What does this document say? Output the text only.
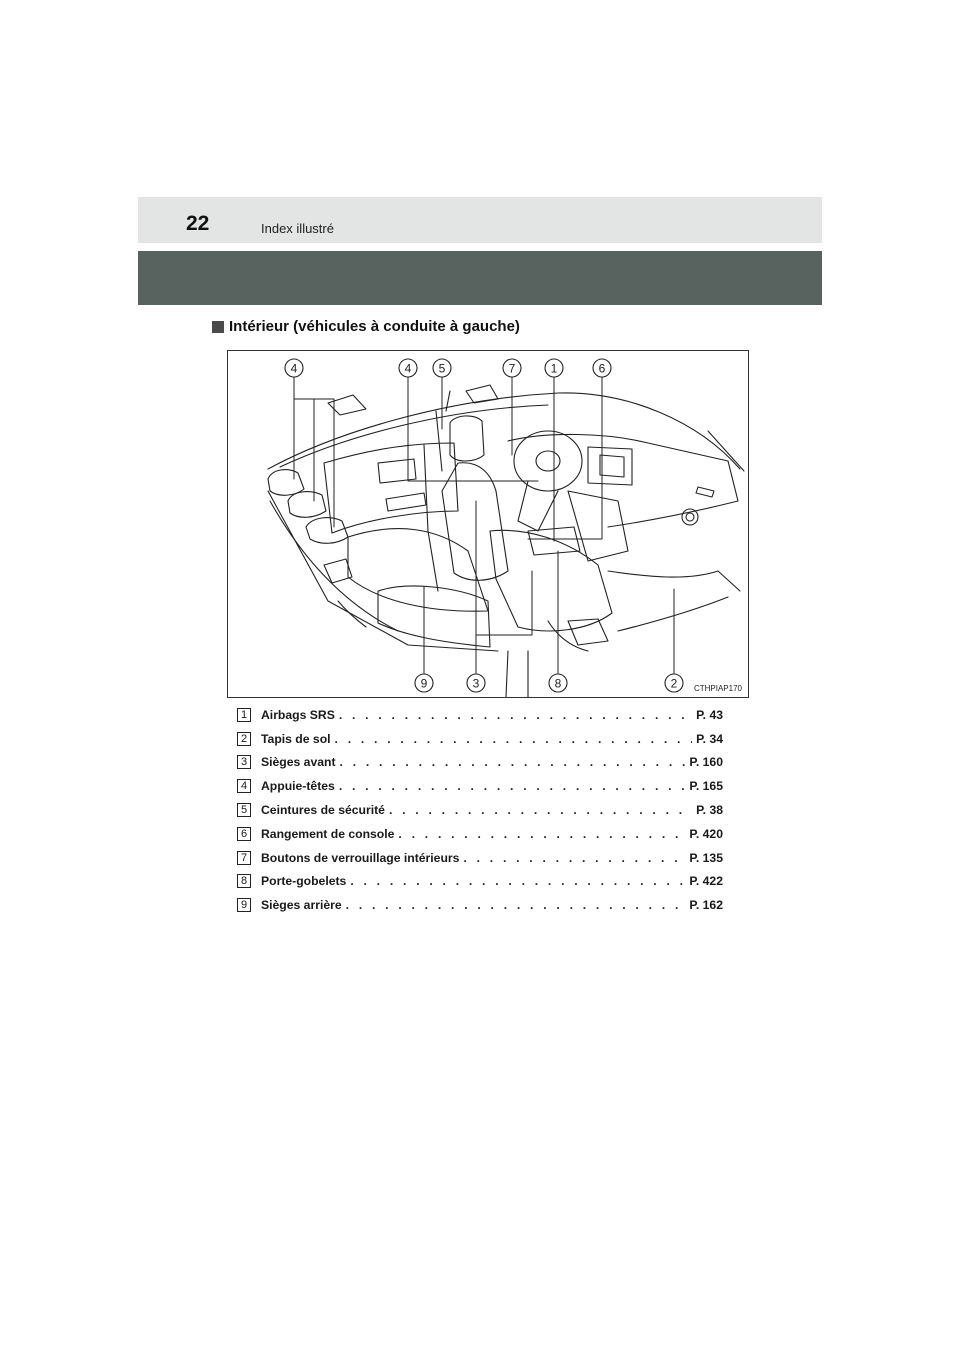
22	Index illustré
Intérieur (véhicules à conduite à gauche)
4	4 5	7	1	6
9	3	8	2 CTHPIAP170
1	Airbags SRS . . .	P. 43
2	Tapis de sol . . .	P. 34
3	Sièges avant . . .	P. 160
4	Appuie-têtes . . .	P. 165
5	Ceintures de sécurité . . .	P. 38
6	Rangement de console . . .	P. 420
7	Boutons de verrouillage intérieurs . . .	P. 135
8	Porte-gobelets . . .	P. 422
9	Sièges arrière . . .	P. 162
